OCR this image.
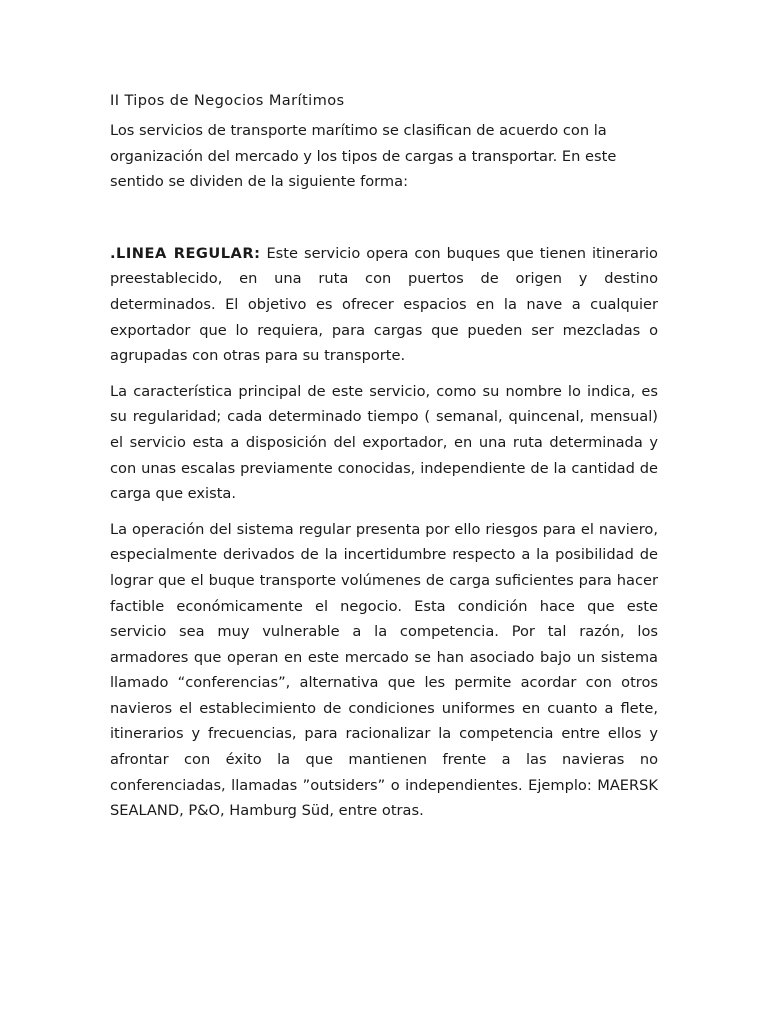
II Tipos de Negocios Marítimos

Los servicios de transporte marítimo se clasifican de acuerdo con la organización del mercado y los tipos de cargas a transportar. En este sentido se dividen de la siguiente forma:

.LINEA REGULAR: Este servicio opera con buques que tienen itinerario preestablecido, en una ruta con puertos de origen y destino determinados. El objetivo es ofrecer espacios en la nave a cualquier exportador que lo requiera, para cargas que pueden ser mezcladas o agrupadas con otras para su transporte.

La característica principal de este servicio, como su nombre lo indica, es su regularidad; cada determinado tiempo ( semanal, quincenal, mensual) el servicio esta a disposición del exportador, en una ruta determinada y con unas escalas previamente conocidas, independiente de la cantidad de carga que exista.

La operación del sistema regular presenta por ello riesgos para el naviero, especialmente derivados de la incertidumbre respecto a la posibilidad de lograr que el buque transporte volúmenes de carga suficientes para hacer factible económicamente el negocio. Esta condición hace que este servicio sea muy vulnerable a la competencia. Por tal razón, los armadores que operan en este mercado se han asociado bajo un sistema llamado “conferencias”, alternativa que les permite acordar con otros navieros el establecimiento de condiciones uniformes en cuanto a flete, itinerarios y frecuencias, para racionalizar la competencia entre ellos y afrontar con éxito la que mantienen frente a las navieras no conferenciadas, llamadas ”outsiders” o independientes. Ejemplo: MAERSK SEALAND, P&O, Hamburg Süd, entre otras.
